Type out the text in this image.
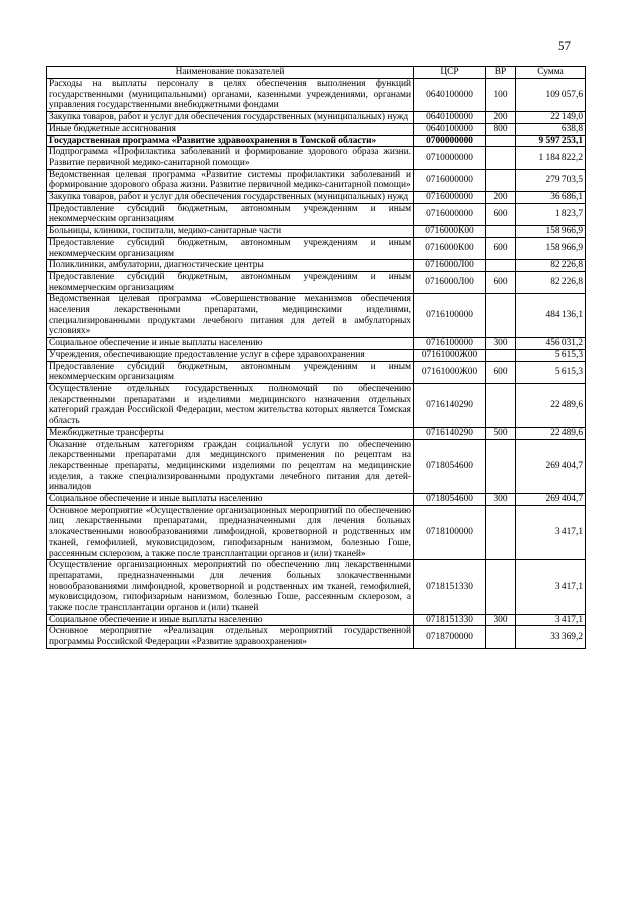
57
Наименование показателей	ЦСР	ВР	Сумма
Расходы на выплаты персоналу в целях обеспечения выполнения функций государственными (муниципальными) органами, казенными учреждениями, органами управления государственными внебюджетными фондами	0640100000	100	109 057,6
Закупка товаров, работ и услуг для обеспечения государственных (муниципальных) нужд	0640100000	200	22 149,0
Иные бюджетные ассигнования	0640100000	800	638,8
Государственная программа «Развитие здравоохранения в Томской области»	0700000000		9 597 253,1
Подпрограмма «Профилактика заболеваний и формирование здорового образа жизни. Развитие первичной медико-санитарной помощи»	0710000000		1 184 822,2
Ведомственная целевая программа «Развитие системы профилактики заболеваний и формирование здорового образа жизни. Развитие первичной медико-санитарной помощи»	0716000000		279 703,5
Закупка товаров, работ и услуг для обеспечения государственных (муниципальных) нужд	0716000000	200	36 686,1
Предоставление субсидий бюджетным, автономным учреждениям и иным некоммерческим организациям	0716000000	600	1 823,7
Больницы, клиники, госпитали, медико-санитарные части	0716000К00		158 966,9
Предоставление субсидий бюджетным, автономным учреждениям и иным некоммерческим организациям	0716000К00	600	158 966,9
Поликлиники, амбулатории, диагностические центры	0716000Л00		82 226,8
Предоставление субсидий бюджетным, автономным учреждениям и иным некоммерческим организациям	0716000Л00	600	82 226,8
Ведомственная целевая программа «Совершенствование механизмов обеспечения населения лекарственными препаратами, медицинскими изделиями, специализированными продуктами лечебного питания для детей в амбулаторных условиях»	0716100000		484 136,1
Социальное обеспечение и иные выплаты населению	0716100000	300	456 031,2
Учреждения, обеспечивающие предоставление услуг в сфере здравоохранения	07161000Ж00		5 615,3
Предоставление субсидий бюджетным, автономным учреждениям и иным некоммерческим организациям	07161000Ж00	600	5 615,3
Осуществление отдельных государственных полномочий по обеспечению лекарственными препаратами и изделиями медицинского назначения отдельных категорий граждан Российской Федерации, местом жительства которых является Томская область	0716140290		22 489,6
Межбюджетные трансферты	0716140290	500	22 489,6
Оказание отдельным категориям граждан социальной услуги по обеспечению лекарственными препаратами для медицинского применения по рецептам на лекарственные препараты, медицинскими изделиями по рецептам на медицинские изделия, а также специализированными продуктами лечебного питания для детей-инвалидов	0718054600		269 404,7
Социальное обеспечение и иные выплаты населению	0718054600	300	269 404,7
Основное мероприятие «Осуществление организационных мероприятий по обеспечению лиц лекарственными препаратами, предназначенными для лечения больных злокачественными новообразованиями лимфоидной, кроветворной и родственных им тканей, гемофилией, муковисцидозом, гипофизарным нанизмом, болезнью Гоше, рассеянным склерозом, а также после трансплантации органов и (или) тканей»	0718100000		3 417,1
Осуществление организационных мероприятий по обеспечению лиц лекарственными препаратами, предназначенными для лечения больных злокачественными новообразованиями лимфоидной, кроветворной и родственных им тканей, гемофилией, муковисцидозом, гипофизарным нанизмом, болезнью Гоше, рассеянным склерозом, а также после трансплантации органов и (или) тканей	0718151330		3 417,1
Социальное обеспечение и иные выплаты населению	0718151330	300	3 417,1
Основное мероприятие «Реализация отдельных мероприятий государственной программы Российской Федерации «Развитие здравоохранения»	0718700000		33 369,2
